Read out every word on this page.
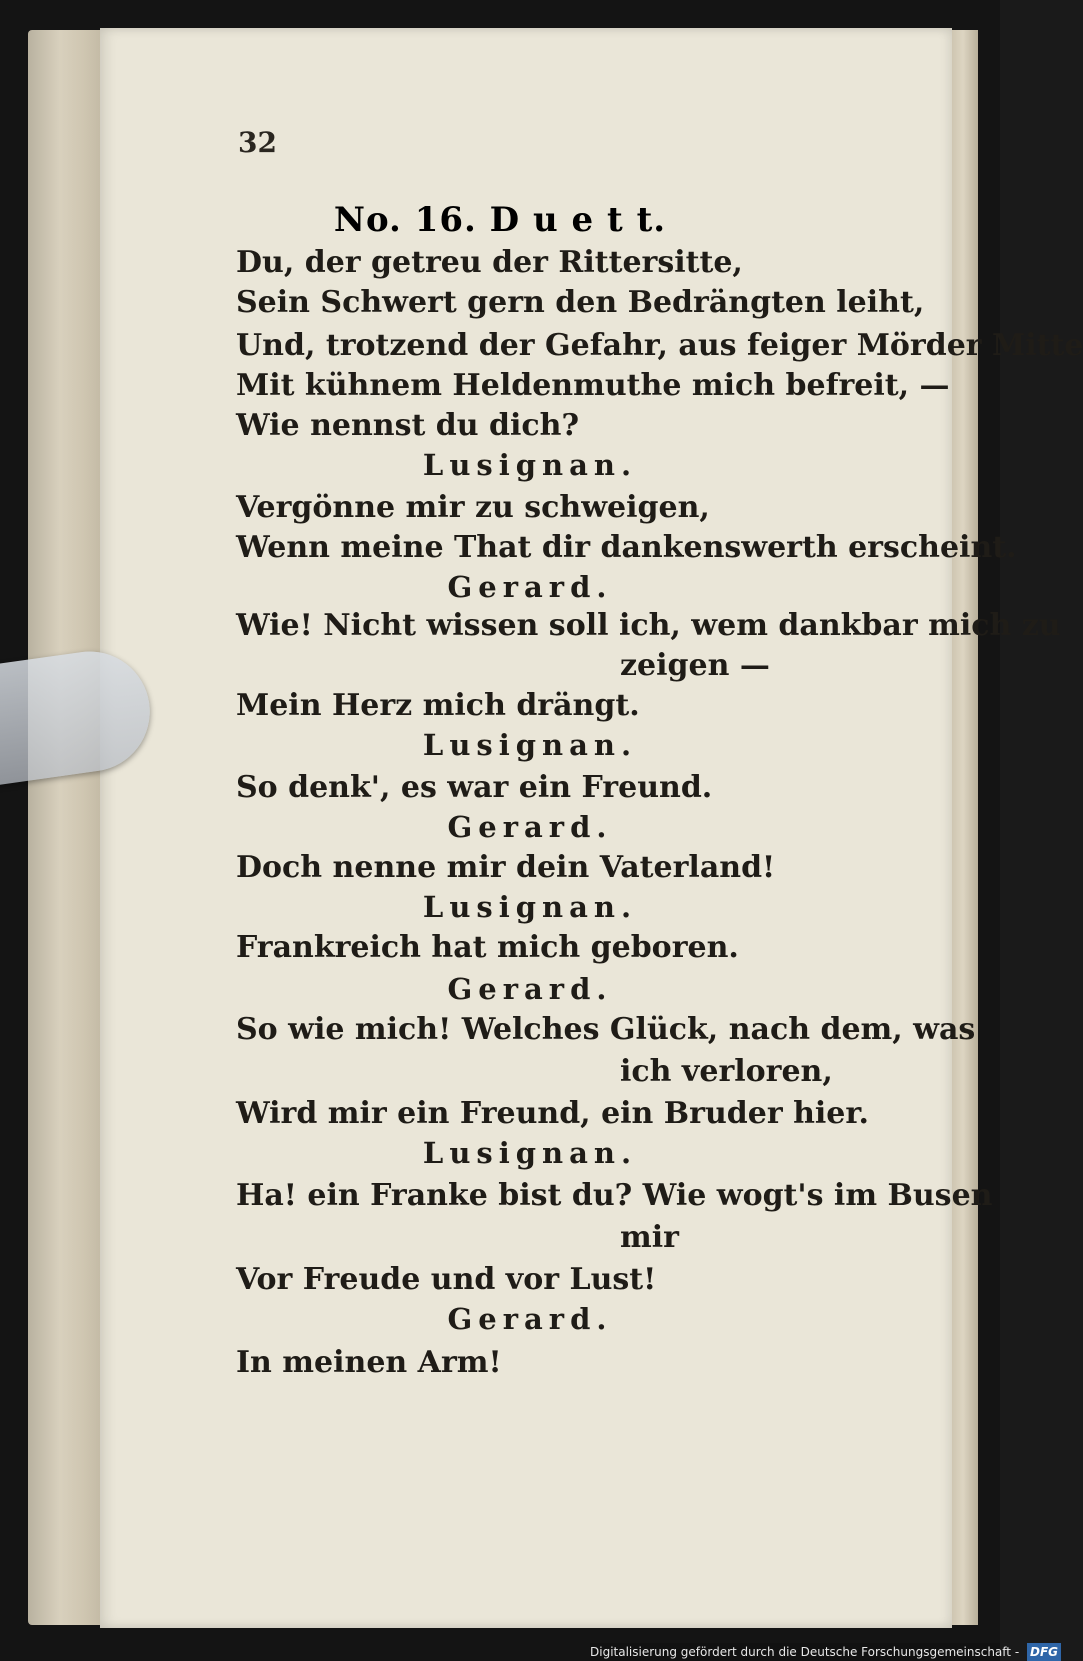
32
No. 16. D u e t t.
Du, der getreu der Rittersitte,
Sein Schwert gern den Bedrängten leiht,
Und, trotzend der Gefahr, aus feiger Mörder Mitte
Mit kühnem Heldenmuthe mich befreit, —
Wie nennst du dich?
Lusignan.
Vergönne mir zu schweigen,
Wenn meine That dir dankenswerth erscheint.
Gerard.
Wie! Nicht wissen soll ich, wem dankbar mich zu
zeigen —
Mein Herz mich drängt.
Lusignan.
So denk', es war ein Freund.
Gerard.
Doch nenne mir dein Vaterland!
Lusignan.
Frankreich hat mich geboren.
Gerard.
So wie mich! Welches Glück, nach dem, was
ich verloren,
Wird mir ein Freund, ein Bruder hier.
Lusignan.
Ha! ein Franke bist du? Wie wogt's im Busen
mir
Vor Freude und vor Lust!
Gerard.
In meinen Arm!
Digitalisierung gefördert durch die Deutsche Forschungsgemeinschaft - DFG
